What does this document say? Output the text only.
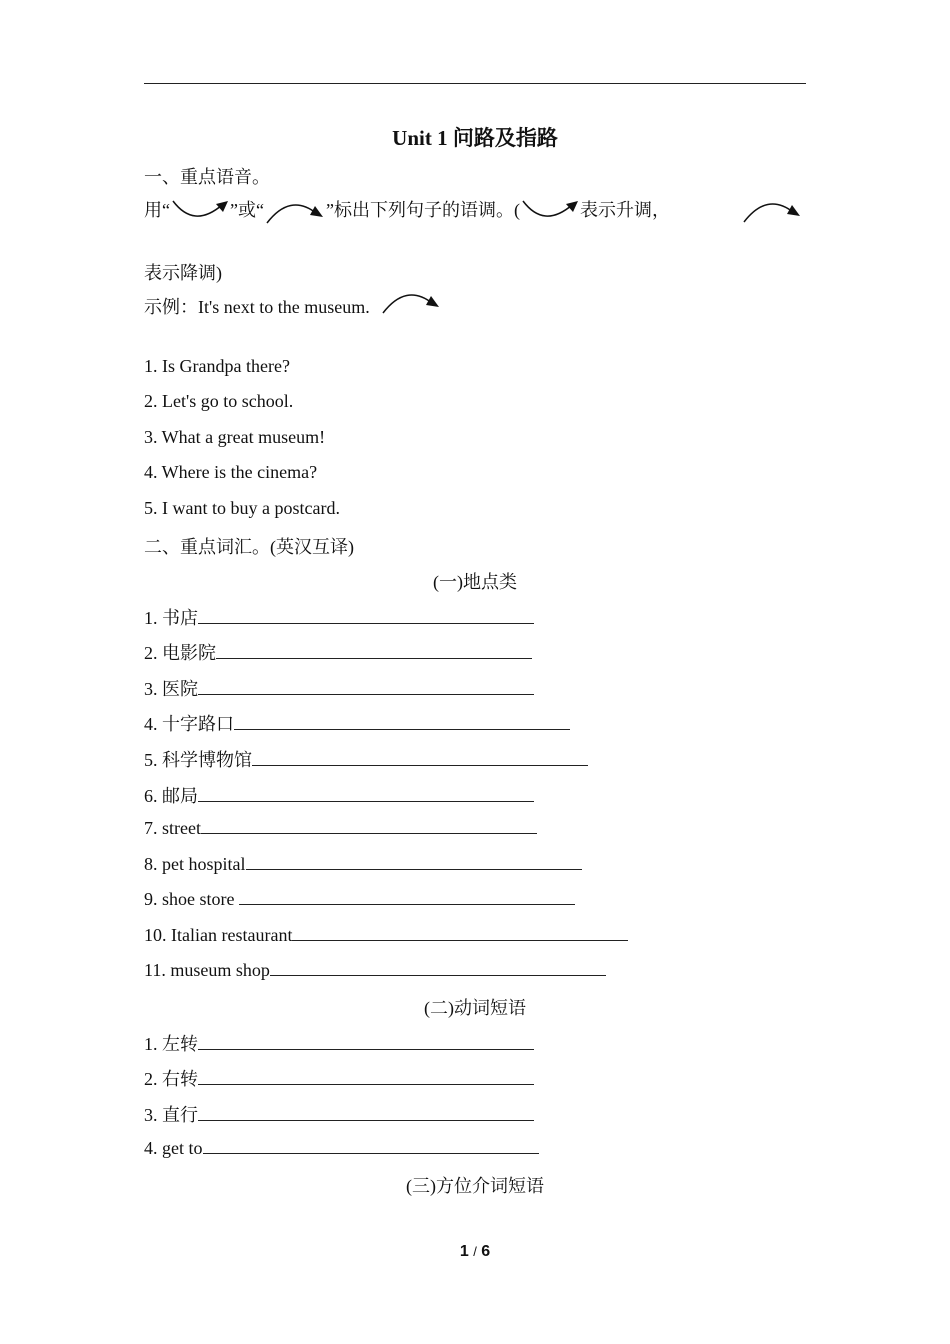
Unit 1 问路及指路
一、重点语音。
用“	”或“	”标出下列句子的语调。(	表示升调，
表示降调)
示例：It's next to the museum.
1. Is Grandpa there?
2. Let's go to school.
3. What a great museum!
4. Where is the cinema?
5. I want to buy a postcard.
二、重点词汇。(英汉互译)
(一)地点类
1. 书店
2. 电影院
3. 医院
4. 十字路口
5. 科学博物馆
6. 邮局
7. street
8. pet hospital
9. shoe store
10. Italian restaurant
11. museum shop
(二)动词短语
1. 左转
2. 右转
3. 直行
4. get to
(三)方位介词短语
1 / 6
